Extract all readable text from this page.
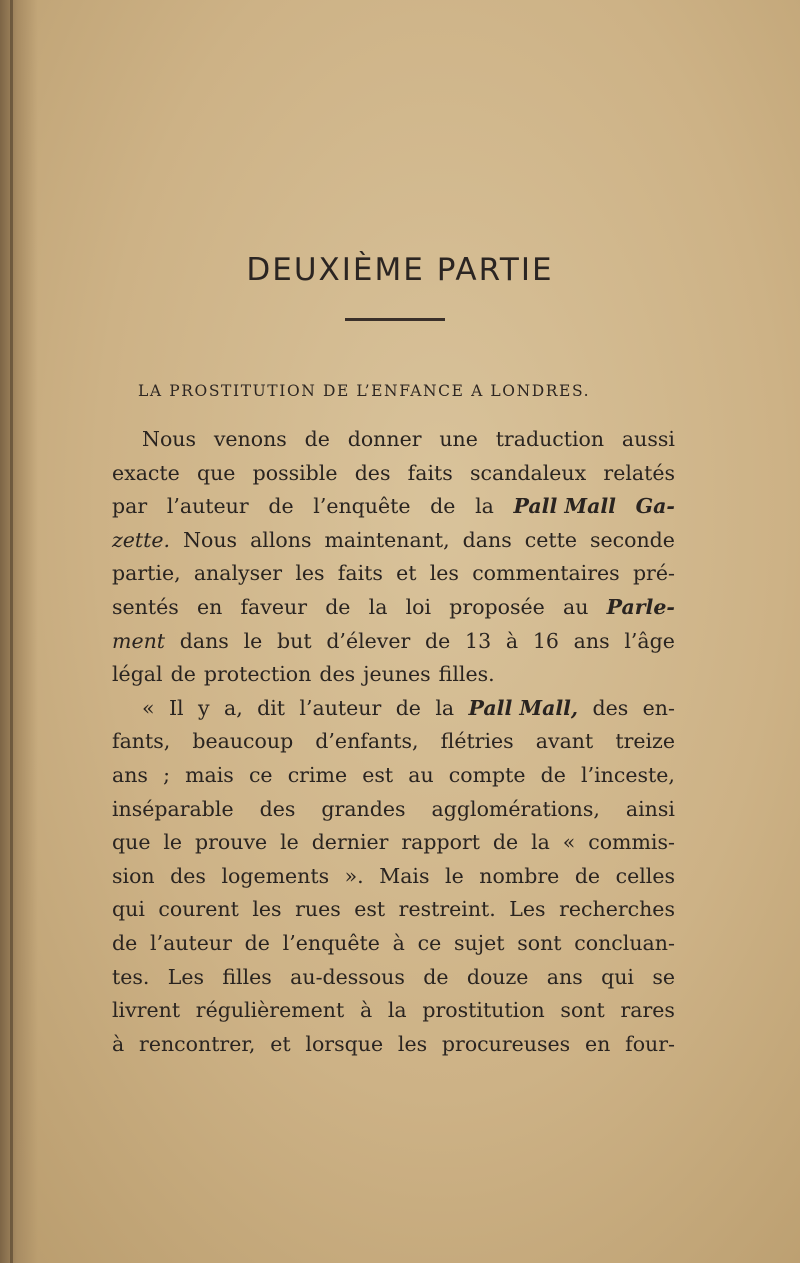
DEUXIÈME PARTIE
LA PROSTITUTION DE L’ENFANCE A LONDRES.
Nous venons de donner une traduction aussi
exacte que possible des faits scandaleux relatés
par l’auteur de l’enquête de la Pall Mall Ga-
zette. Nous allons maintenant, dans cette seconde
partie, analyser les faits et les commentaires pré-
sentés en faveur de la loi proposée au Parle-
ment dans le but d’élever de 13 à 16 ans l’âge
légal de protection des jeunes filles.
« Il y a, dit l’auteur de la Pall Mall, des en-
fants, beaucoup d’enfants, flétries avant treize
ans ; mais ce crime est au compte de l’inceste,
inséparable des grandes agglomérations, ainsi
que le prouve le dernier rapport de la « commis-
sion des logements ». Mais le nombre de celles
qui courent les rues est restreint. Les recherches
de l’auteur de l’enquête à ce sujet sont concluan-
tes. Les filles au-dessous de douze ans qui se
livrent régulièrement à la prostitution sont rares
à rencontrer, et lorsque les procureuses en four-
